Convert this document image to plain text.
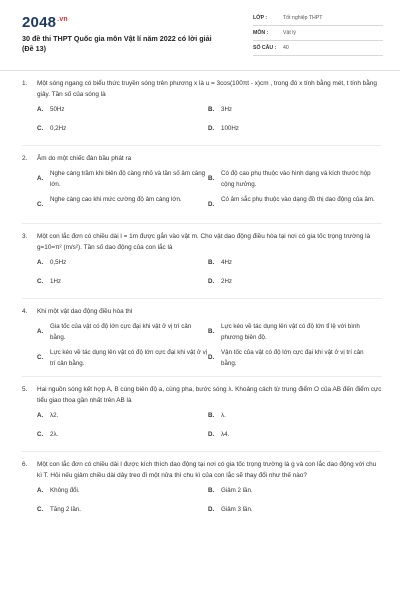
$2048^{.vn}$
30 đề thi THPT Quốc gia môn Vật lí năm 2022 có lời giải
(Đề 13)
LỚP :	Tốt nghiệp THPT
MÔN :	Vật lý
SỐ CÂU : 40
1. Một sóng ngang có biểu thức truyền sóng trên phương x là u = 3cos(100πt - x)cm , trong đó x tính bằng mét, t tính bằng giây. Tần số của sóng là
A. 50Hz	B. 3Hz
C. 0,2Hz	D. 100Hz
2. Âm do một chiếc đàn bầu phát ra
A.
Nghe càng trầm khi biên độ càng nhỏ và tần số âm càng lớn.
B.
Có độ cao phụ thuộc vào hình dạng và kích thước hộp cộng hưởng.
C.
Nghe càng cao khi mức cường độ âm càng lớn.
D.
Có âm sắc phụ thuộc vào dạng đồ thị dao động của âm.
3. Một con lắc đơn có chiều dài l = 1m được gắn vào vật m. Cho vật dao động điều hòa tại nơi có gia tốc trọng trường là g=10=π² (m/s²). Tần số dao động của con lắc là
A. 0,5Hz	B. 4Hz
C. 1Hz	D. 2Hz
4. Khi một vật dao động điều hòa thì
A.
Gia tốc của vật có độ lớn cực đại khi vật ở vị trí cân bằng.
B.
Lực kéo về tác dụng lên vật có độ lớn tỉ lệ với bình phương biên độ.
C.
Lực kéo về tác dụng lên vật có độ lớn cực đại khi vật ở vị trí cân bằng.
D.
Vận tốc của vật có độ lớn cực đại khi vật ở vị trí cân bằng.
5. Hai nguồn sóng kết hợp A, B cùng biên độ a, cùng pha, bước sóng λ. Khoảng cách từ trung điểm O của AB đến điểm cực tiểu giao thoa gần nhất trên AB là
A. λ2.	B. λ.
C. 2λ.	D. λ4.
6. Một con lắc đơn có chiều dài l được kích thích dao động tại nơi có gia tốc trọng trường là g và con lắc dao động với chu kì T. Hỏi nếu giảm chiều dài dây treo đi một nửa thì chu kì của con lắc sẽ thay đổi như thế nào?
A. Không đổi.	B. Giảm 2 lần.
C. Tăng 2 lần.	D. Giảm 3 lần.
